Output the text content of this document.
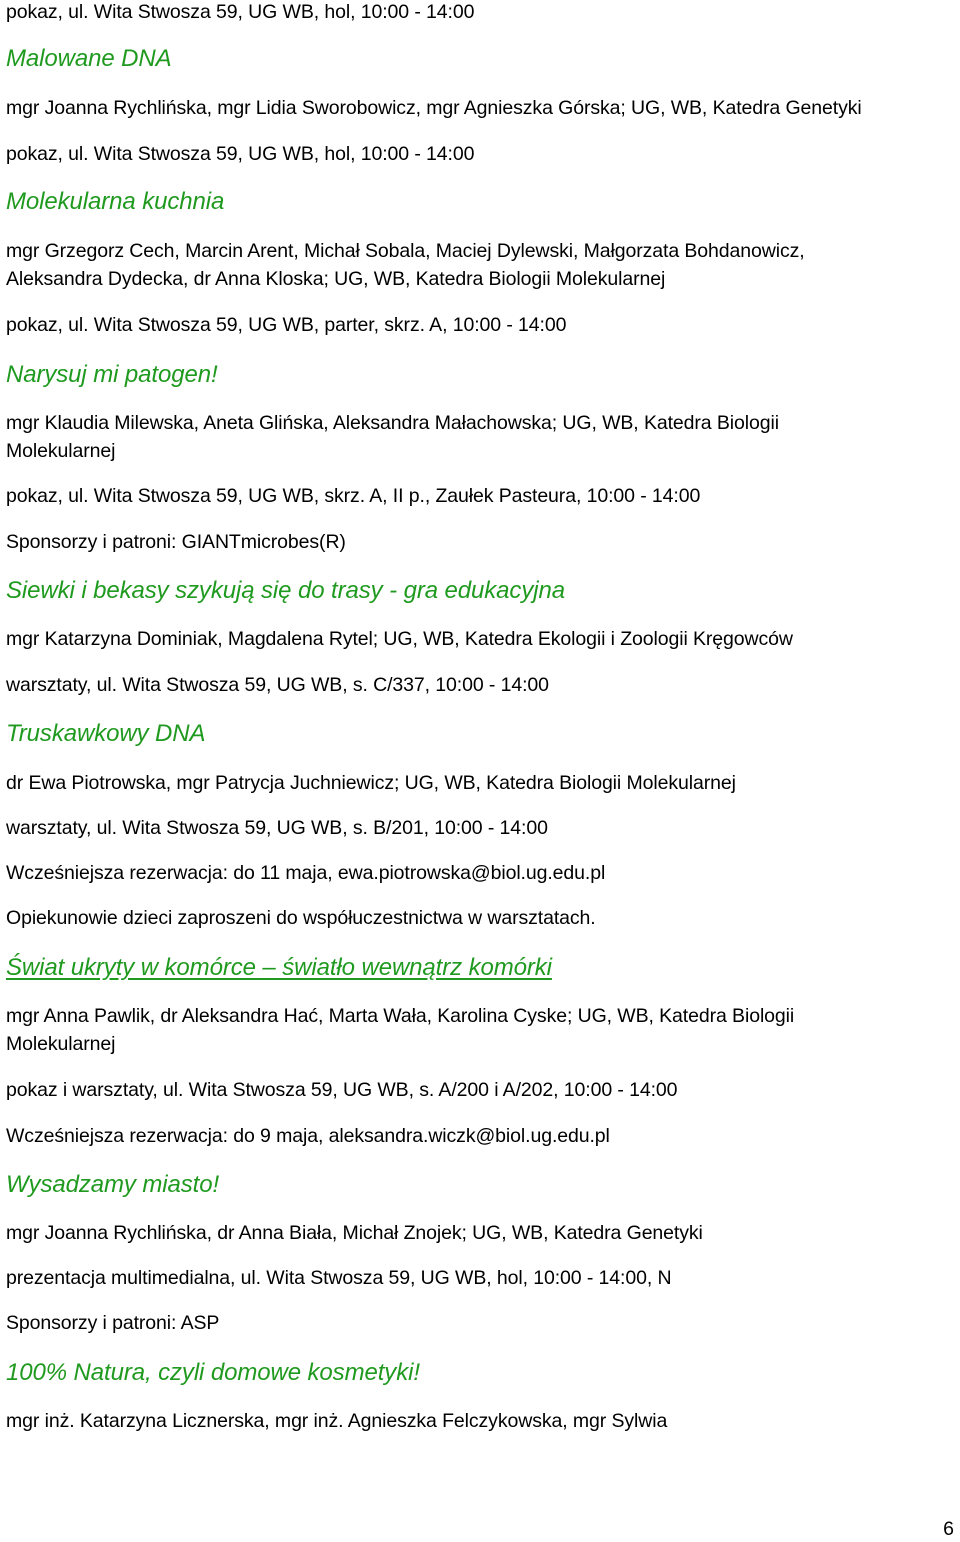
pokaz, ul. Wita Stwosza 59, UG WB, hol, 10:00 - 14:00
Malowane DNA
mgr Joanna Rychlińska, mgr Lidia Sworobowicz, mgr Agnieszka Górska; UG, WB, Katedra Genetyki
pokaz, ul. Wita Stwosza 59, UG WB, hol, 10:00 - 14:00
Molekularna kuchnia
mgr Grzegorz Cech, Marcin Arent, Michał Sobala, Maciej Dylewski, Małgorzata Bohdanowicz,
Aleksandra Dydecka, dr Anna Kloska; UG, WB, Katedra Biologii Molekularnej
pokaz, ul. Wita Stwosza 59, UG WB, parter, skrz. A, 10:00 - 14:00
Narysuj mi patogen!
mgr Klaudia Milewska, Aneta Glińska, Aleksandra Małachowska; UG, WB, Katedra Biologii
Molekularnej
pokaz, ul. Wita Stwosza 59, UG WB, skrz. A, II p., Zaułek Pasteura, 10:00 - 14:00
Sponsorzy i patroni: GIANTmicrobes(R)
Siewki i bekasy szykują się do trasy - gra edukacyjna
mgr Katarzyna Dominiak, Magdalena Rytel; UG, WB, Katedra Ekologii i Zoologii Kręgowców
warsztaty, ul. Wita Stwosza 59, UG WB, s. C/337, 10:00 - 14:00
Truskawkowy DNA
dr Ewa Piotrowska, mgr Patrycja Juchniewicz; UG, WB, Katedra Biologii Molekularnej
warsztaty, ul. Wita Stwosza 59, UG WB, s. B/201, 10:00 - 14:00
Wcześniejsza rezerwacja: do 11 maja, ewa.piotrowska@biol.ug.edu.pl
Opiekunowie dzieci zaproszeni do współuczestnictwa w warsztatach.
Świat ukryty w komórce – światło wewnątrz komórki
mgr Anna Pawlik, dr Aleksandra Hać, Marta Wała, Karolina Cyske; UG, WB, Katedra Biologii
Molekularnej
pokaz i warsztaty, ul. Wita Stwosza 59, UG WB, s. A/200 i A/202, 10:00 - 14:00
Wcześniejsza rezerwacja: do 9 maja, aleksandra.wiczk@biol.ug.edu.pl
Wysadzamy miasto!
mgr Joanna Rychlińska, dr Anna Biała, Michał Znojek; UG, WB, Katedra Genetyki
prezentacja multimedialna, ul. Wita Stwosza 59, UG WB, hol, 10:00 - 14:00, N
Sponsorzy i patroni: ASP
100% Natura, czyli domowe kosmetyki!
mgr inż. Katarzyna Licznerska, mgr inż. Agnieszka Felczykowska, mgr Sylwia
6
